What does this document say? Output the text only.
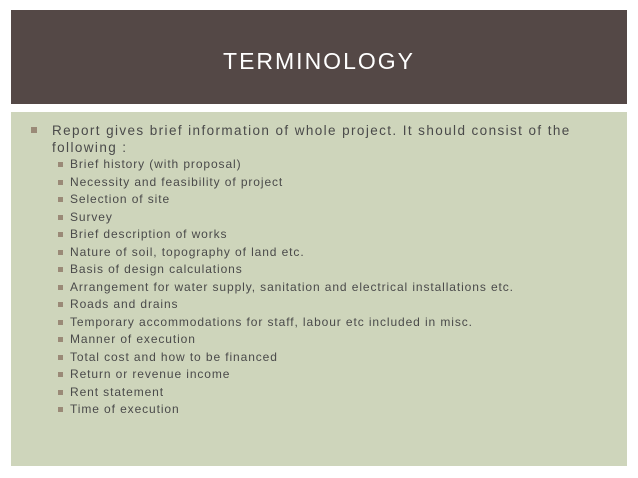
TERMINOLOGY
Report gives brief information of whole project. It should consist of the following :
Brief history (with proposal)
Necessity and feasibility of project
Selection of site
Survey
Brief description of works
Nature of soil, topography of land etc.
Basis of design calculations
Arrangement for water supply, sanitation and electrical installations etc.
Roads and drains
Temporary accommodations for staff, labour etc included in misc.
Manner of execution
Total cost and how to be financed
Return or revenue income
Rent statement
Time of execution
